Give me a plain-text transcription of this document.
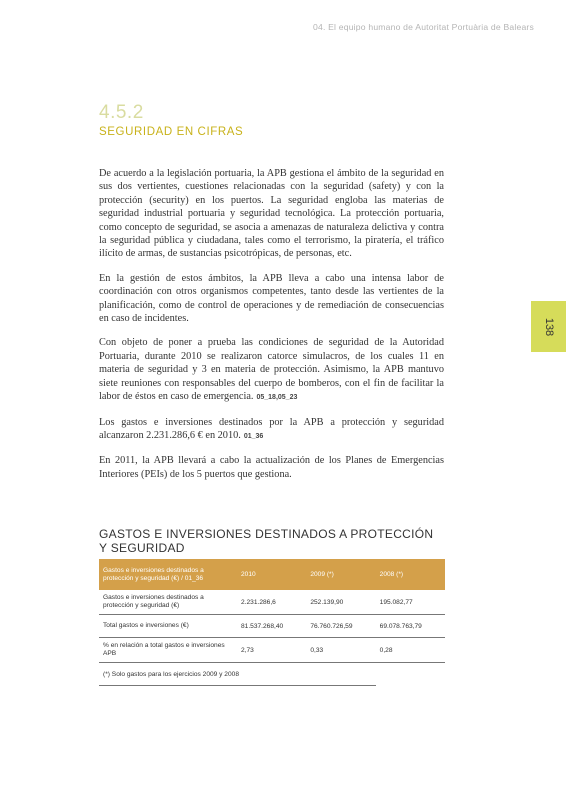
04. El equipo humano de Autoritat Portuària de Balears
4.5.2
SEGURIDAD EN CIFRAS

De acuerdo a la legislación portuaria, la APB gestiona el ámbito de la seguridad en sus dos vertientes, cuestiones relacionadas con la seguridad (safety) y con la protección (security) en los puertos. La seguridad engloba las materias de seguridad industrial portuaria y seguridad tecnológica. La protección portuaria, como concepto de seguridad, se asocia a amenazas de naturaleza delictiva y contra la seguridad pública y ciudadana, tales como el terrorismo, la piratería, el tráfico ilícito de armas, de sustancias psicotrópicas, de personas, etc.

En la gestión de estos ámbitos, la APB lleva a cabo una intensa labor de coordinación con otros organismos competentes, tanto desde las vertientes de la planificación, como de control de operaciones y de remediación de consecuencias en caso de incidentes.

Con objeto de poner a prueba las condiciones de seguridad de la Autoridad Portuaria, durante 2010 se realizaron catorce simulacros, de los cuales 11 en materia de seguridad y 3 en materia de protección. Asimismo, la APB mantuvo siete reuniones con responsables del cuerpo de bomberos, con el fin de facilitar la labor de éstos en caso de emergencia. 05_18,05_23

Los gastos e inversiones destinados por la APB a protección y seguridad alcanzaron 2.231.286,6 € en 2010. 01_36

En 2011, la APB llevará a cabo la actualización de los Planes de Emergencias Interiores (PEIs) de los 5 puertos que gestiona.

138
GASTOS E INVERSIONES DESTINADOS A PROTECCIÓN Y SEGURIDAD
Gastos e inversiones destinados a protección y seguridad (€) / 01_36	2010	2009 (*)	2008 (*)
Gastos e inversiones destinados a protección y seguridad (€)	2.231.286,6	252.139,90	195.082,77
Total gastos e inversiones (€)	81.537.268,40	76.760.726,59	69.078.763,79
% en relación a total gastos e inversiones APB	2,73	0,33	0,28
(*) Solo gastos para los ejercicios 2009 y 2008			
